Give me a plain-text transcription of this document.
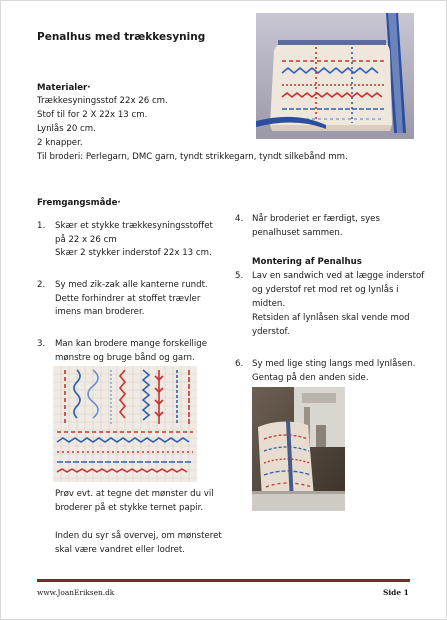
Penalhus med trækkesyning
Materialer·
Trækkesyningsstof 22x 26 cm.
Stof til for 2 X 22x 13 cm.
Lynlås 20 cm.
2 knapper.
Til broderi: Perlegarn, DMC garn, tyndt strikkegarn, tyndt silkebånd mm.
Fremgangsmåde·
1. Skær et stykke trækkesyningsstoffet
på 22 x 26 cm
Skær 2 stykker inderstof 22x 13 cm.
2. Sy med zik-zak alle kanterne rundt.
Dette forhindrer at stoffet trævler
imens man broderer.
3. Man kan brodere mange forskellige
mønstre og bruge bånd og garn.
Prøv evt. at tegne det mønster du vil
broderer på et stykke ternet papir.
Inden du syr så overvej, om mønsteret
skal være vandret eller lodret.
4. Når broderiet er færdigt, syes
penalhuset sammen.
Montering af Penalhus
5. Lav en sandwich ved at lægge inderstof
og yderstof ret mod ret og lynlås i
midten.
Retsiden af lynlåsen skal vende mod
yderstof.
6. Sy med lige sting langs med lynlåsen.
Gentag på den anden side.
www.JoanEriksen.dk	Side 1
